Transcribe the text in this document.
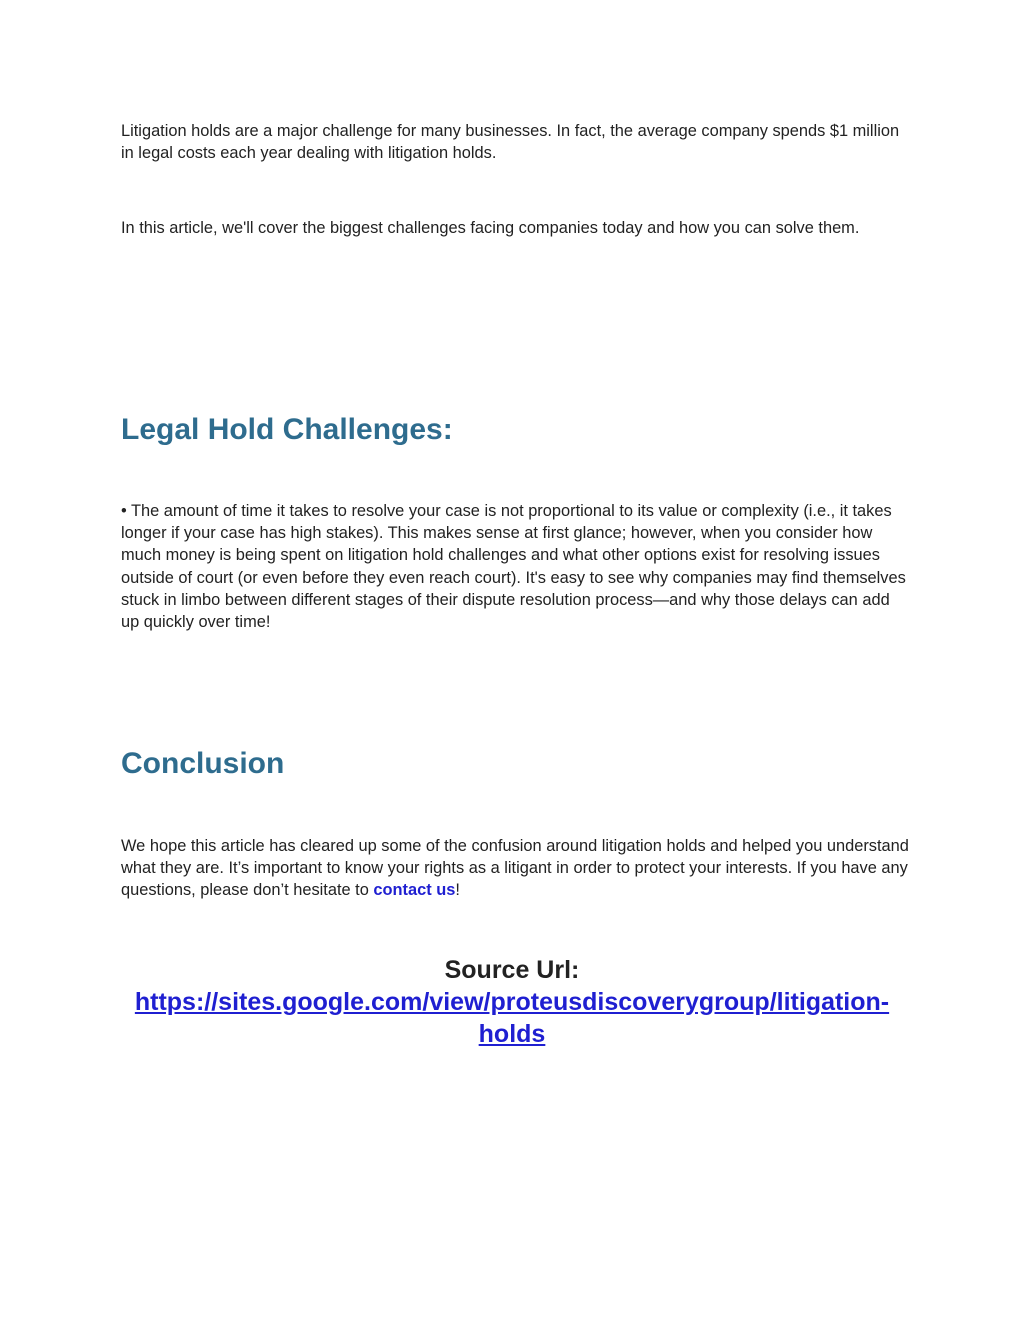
Litigation holds are a major challenge for many businesses. In fact, the average company spends $1 million in legal costs each year dealing with litigation holds.

In this article, we'll cover the biggest challenges facing companies today and how you can solve them.

Legal Hold Challenges:

• The amount of time it takes to resolve your case is not proportional to its value or complexity (i.e., it takes longer if your case has high stakes). This makes sense at first glance; however, when you consider how much money is being spent on litigation hold challenges and what other options exist for resolving issues outside of court (or even before they even reach court). It's easy to see why companies may find themselves stuck in limbo between different stages of their dispute resolution process—and why those delays can add up quickly over time!

Conclusion

We hope this article has cleared up some of the confusion around litigation holds and helped you understand what they are. It’s important to know your rights as a litigant in order to protect your interests. If you have any questions, please don’t hesitate to contact us!

Source Url:
https://sites.google.com/view/proteusdiscoverygroup/litigation-
holds
